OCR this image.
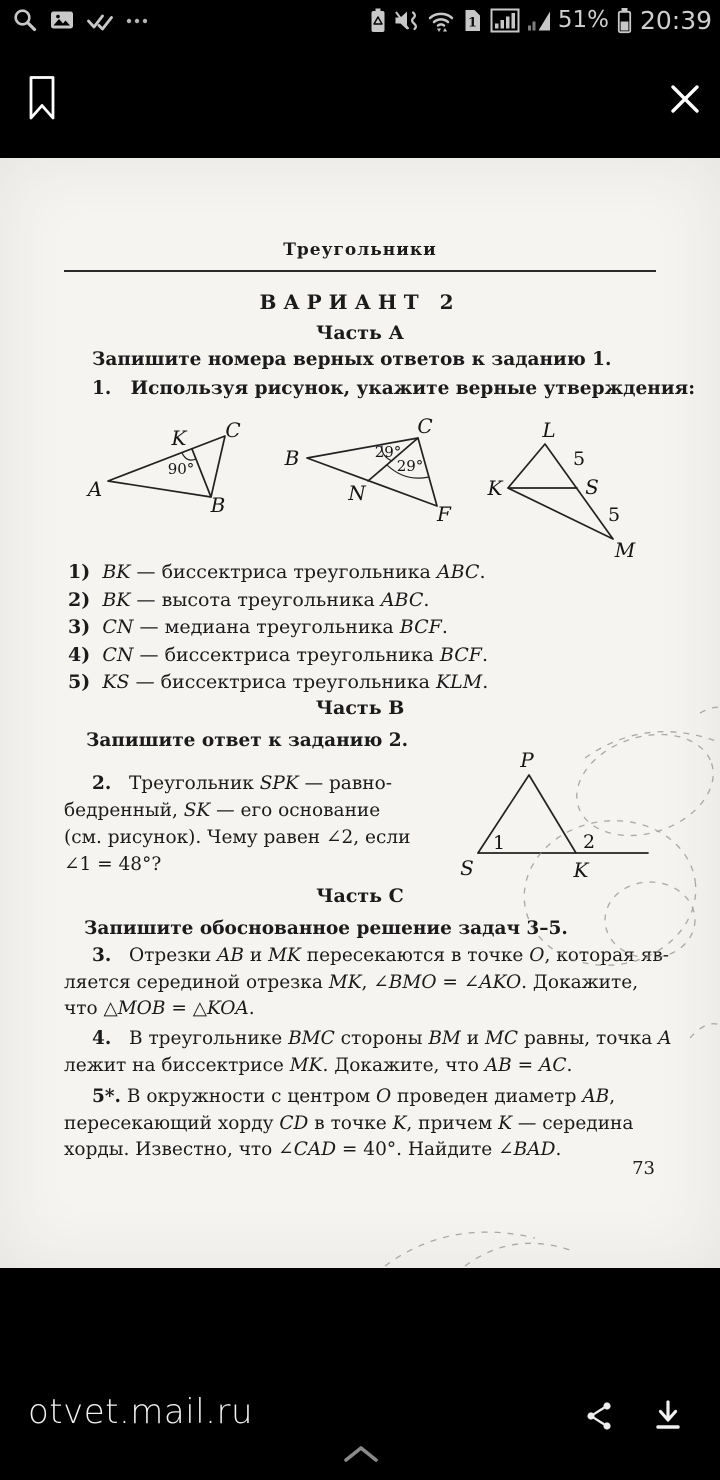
1	51% 20:39
Треугольники
ВАРИАНТ 2
Часть А
Запишите номера верных ответов к заданию 1.
1.   Используя рисунок, укажите верные утверждения:
A
K C
B
90°	B
C
N
F
29°
29°
L
K	S
M
5
5
1) BK — биссектриса треугольника ABC.
2) BK — высота треугольника ABC.
3) CN — медиана треугольника BCF.
4) CN — биссектриса треугольника BCF.
5) KS — биссектриса треугольника KLM.
Часть В
Запишите ответ к заданию 2.
2.   Треугольник SPK — равно-
бедренный, SK — его основание
(см. рисунок). Чему равен ∠2, если
∠1 = 48°?
P
S	K
1	2
Часть С
Запишите обоснованное решение задач 3–5.
3.   Отрезки AB и MK пересекаются в точке O, которая яв-
ляется серединой отрезка MK, ∠BMO = ∠AKO. Докажите,
что △MOB = △KOA.
4.   В треугольнике BMC стороны BM и MC равны, точка A
лежит на биссектрисе MK. Докажите, что AB = AC.
5*. В окружности с центром O проведен диаметр AB,
пересекающий хорду CD в точке K, причем K — середина
хорды. Известно, что ∠CAD = 40°. Найдите ∠BAD.
73
otvet.mail.ru
